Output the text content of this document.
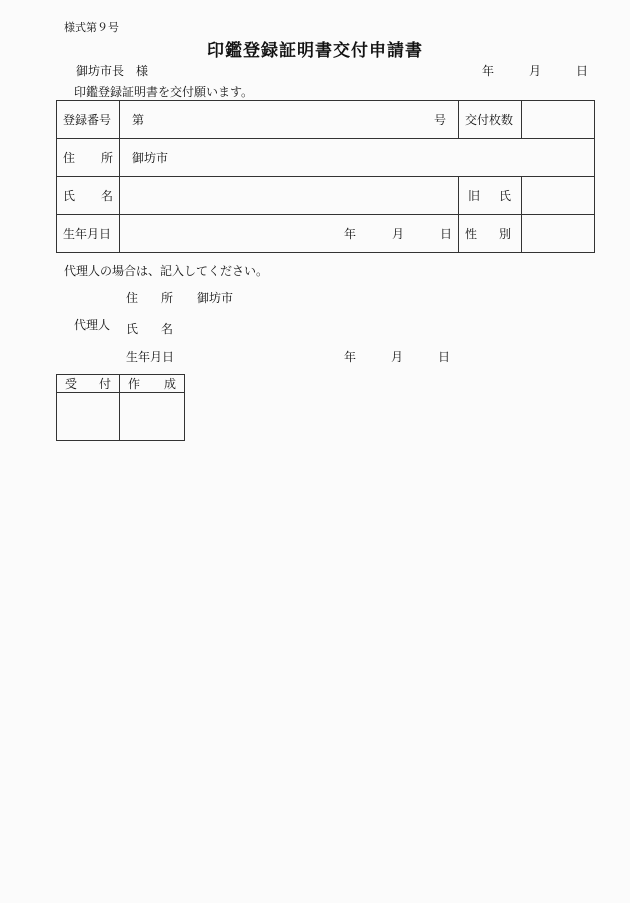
様式第９号
印鑑登録証明書交付申請書
御坊市長　様	年	月	日
印鑑登録証明書を交付願います。
登録番号	第 号	交付枚数	

住 所	御坊市		

氏 名		旧 氏	

生年月日	年 月 日	性 別	

代理人の場合は、記入してください。
代理人
住 所 御坊市
氏 名
生年月日	年	月	日
受 付	作 成
